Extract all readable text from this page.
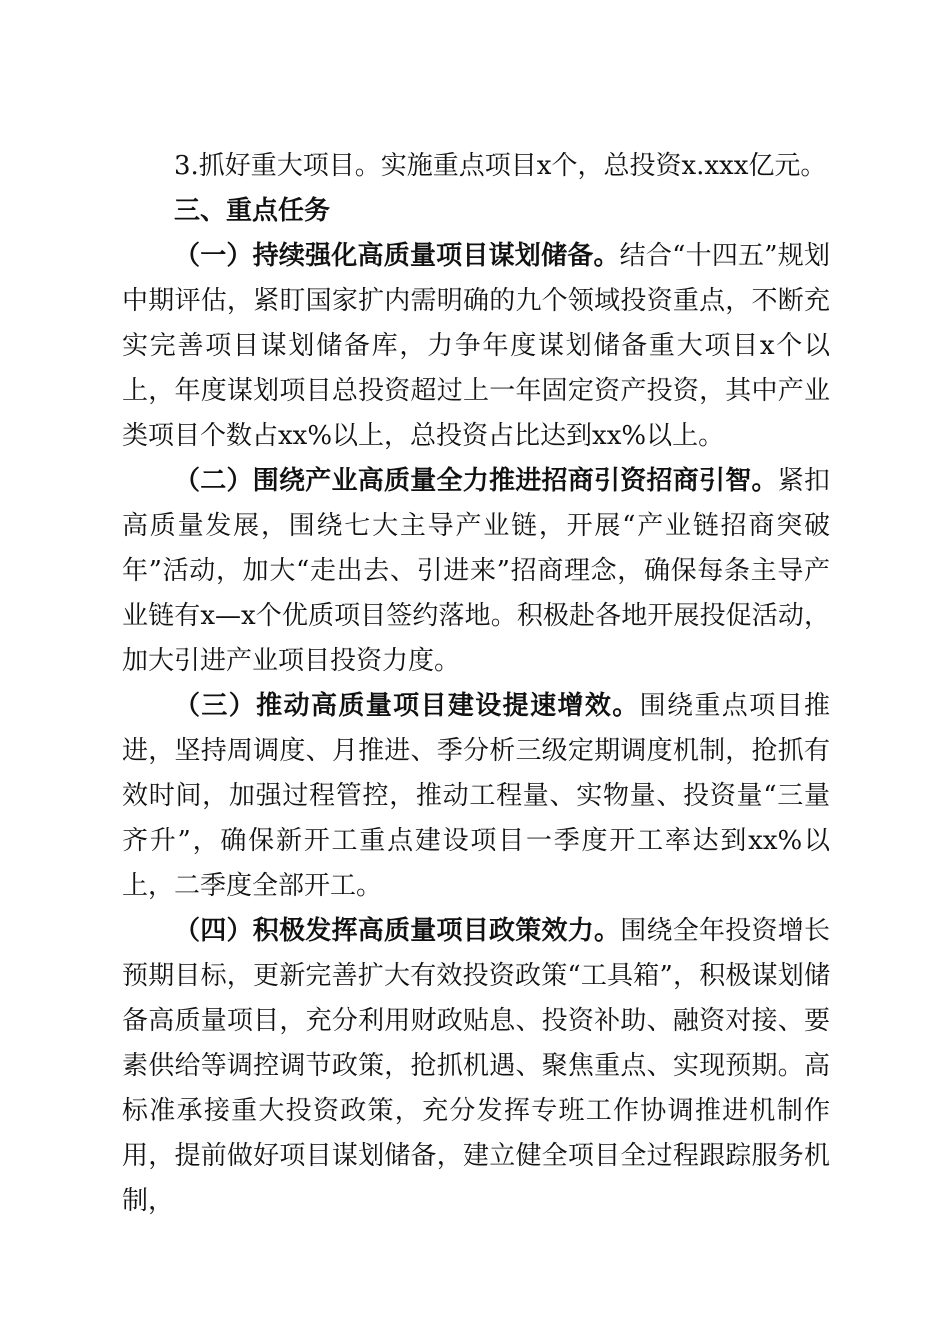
3.抓好重大项目。实施重点项目x个，总投资x.xxx亿元。

三、重点任务

（一）持续强化高质量项目谋划储备。结合“十四五”规划中期评估，紧盯国家扩内需明确的九个领域投资重点，不断充实完善项目谋划储备库，力争年度谋划储备重大项目x个以上，年度谋划项目总投资超过上一年固定资产投资，其中产业类项目个数占xx%以上，总投资占比达到xx%以上。

（二）围绕产业高质量全力推进招商引资招商引智。紧扣高质量发展，围绕七大主导产业链，开展“产业链招商突破年”活动，加大“走出去、引进来”招商理念，确保每条主导产业链有x—x个优质项目签约落地。积极赴各地开展投促活动，加大引进产业项目投资力度。

（三）推动高质量项目建设提速增效。围绕重点项目推进，坚持周调度、月推进、季分析三级定期调度机制，抢抓有效时间，加强过程管控，推动工程量、实物量、投资量“三量齐升”，确保新开工重点建设项目一季度开工率达到xx%以上，二季度全部开工。

（四）积极发挥高质量项目政策效力。围绕全年投资增长预期目标，更新完善扩大有效投资政策“工具箱”，积极谋划储备高质量项目，充分利用财政贴息、投资补助、融资对接、要素供给等调控调节政策，抢抓机遇、聚焦重点、实现预期。高标准承接重大投资政策，充分发挥专班工作协调推进机制作用，提前做好项目谋划储备，建立健全项目全过程跟踪服务机制，
